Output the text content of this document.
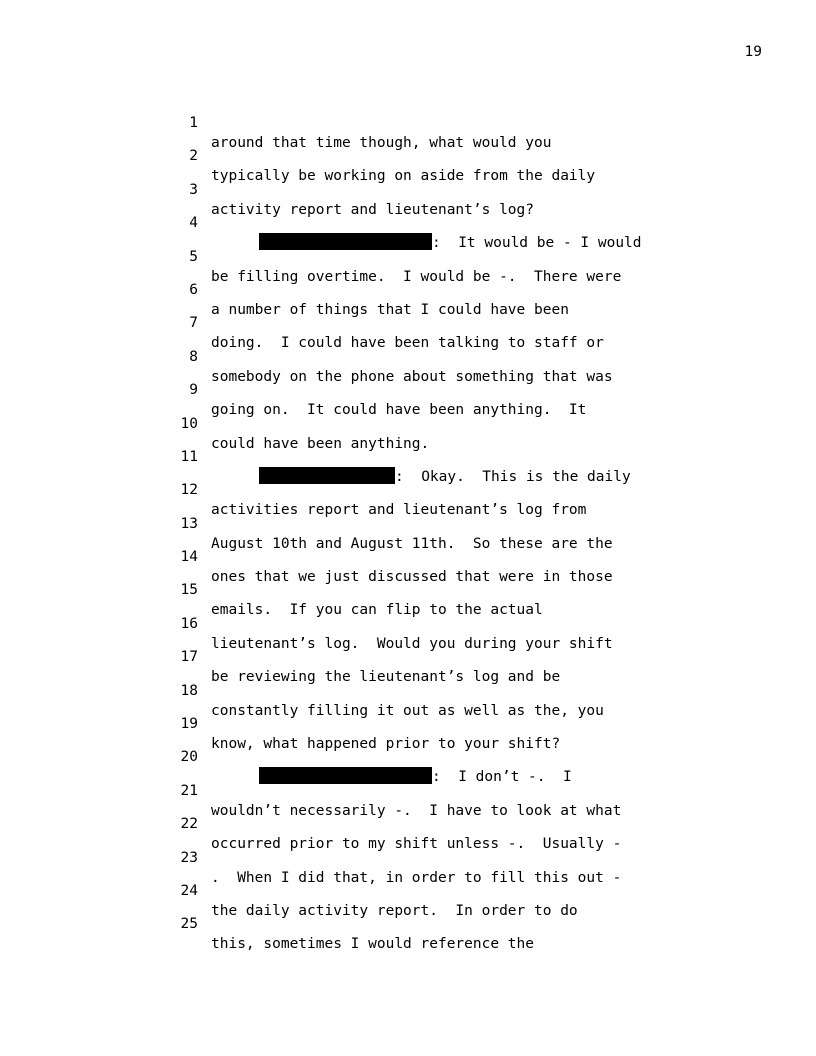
19

1

around that time though, what would you

2

typically be working on aside from the daily

3

activity report and lieutenant’s log?

4

:  It would be - I would

5

be filling overtime.  I would be -.  There were

6

a number of things that I could have been

7

doing.  I could have been talking to staff or

8

somebody on the phone about something that was

9

going on.  It could have been anything.  It

10

could have been anything.

11

:  Okay.  This is the daily

12

activities report and lieutenant’s log from

13

August 10th and August 11th.  So these are the

14

ones that we just discussed that were in those

15

emails.  If you can flip to the actual

16

lieutenant’s log.  Would you during your shift

17

be reviewing the lieutenant’s log and be

18

constantly filling it out as well as the, you

19

know, what happened prior to your shift?

20

:  I don’t -.  I

21

wouldn’t necessarily -.  I have to look at what

22

occurred prior to my shift unless -.  Usually -

23

.  When I did that, in order to fill this out -

24

the daily activity report.  In order to do

25

this, sometimes I would reference the
